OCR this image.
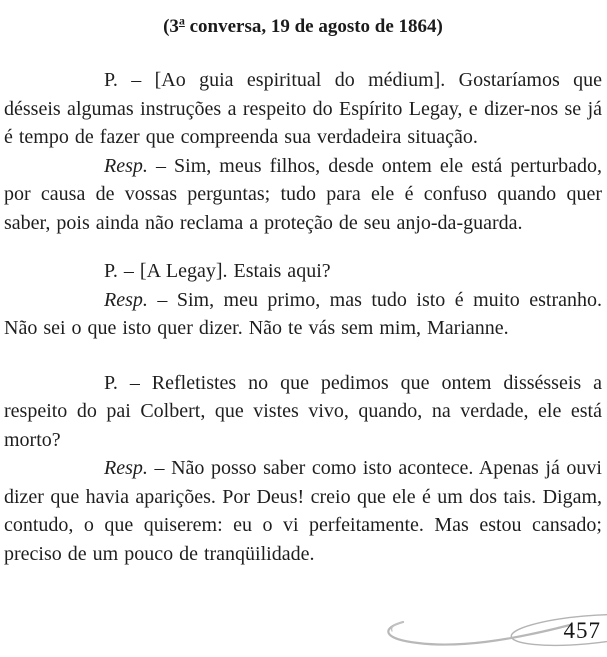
(3$^a$ conversa, 19 de agosto de 1864)

P. – [Ao guia espiritual do médium]. Gostaríamos que désseis algumas instruções a respeito do Espírito Legay, e dizer-nos se já é tempo de fazer que compreenda sua verdadeira situação.

Resp. – Sim, meus filhos, desde ontem ele está perturbado, por causa de vossas perguntas; tudo para ele é confuso quando quer saber, pois ainda não reclama a proteção de seu anjo-da-guarda.

P. – [A Legay]. Estais aqui?

Resp. – Sim, meu primo, mas tudo isto é muito estranho. Não sei o que isto quer dizer. Não te vás sem mim, Marianne.

P. – Refletistes no que pedimos que ontem dissésseis a respeito do pai Colbert, que vistes vivo, quando, na verdade, ele está morto?

Resp. – Não posso saber como isto acontece. Apenas já ouvi dizer que havia aparições. Por Deus! creio que ele é um dos tais. Digam, contudo, o que quiserem: eu o vi perfeitamente. Mas estou cansado; preciso de um pouco de tranqüilidade.

457
